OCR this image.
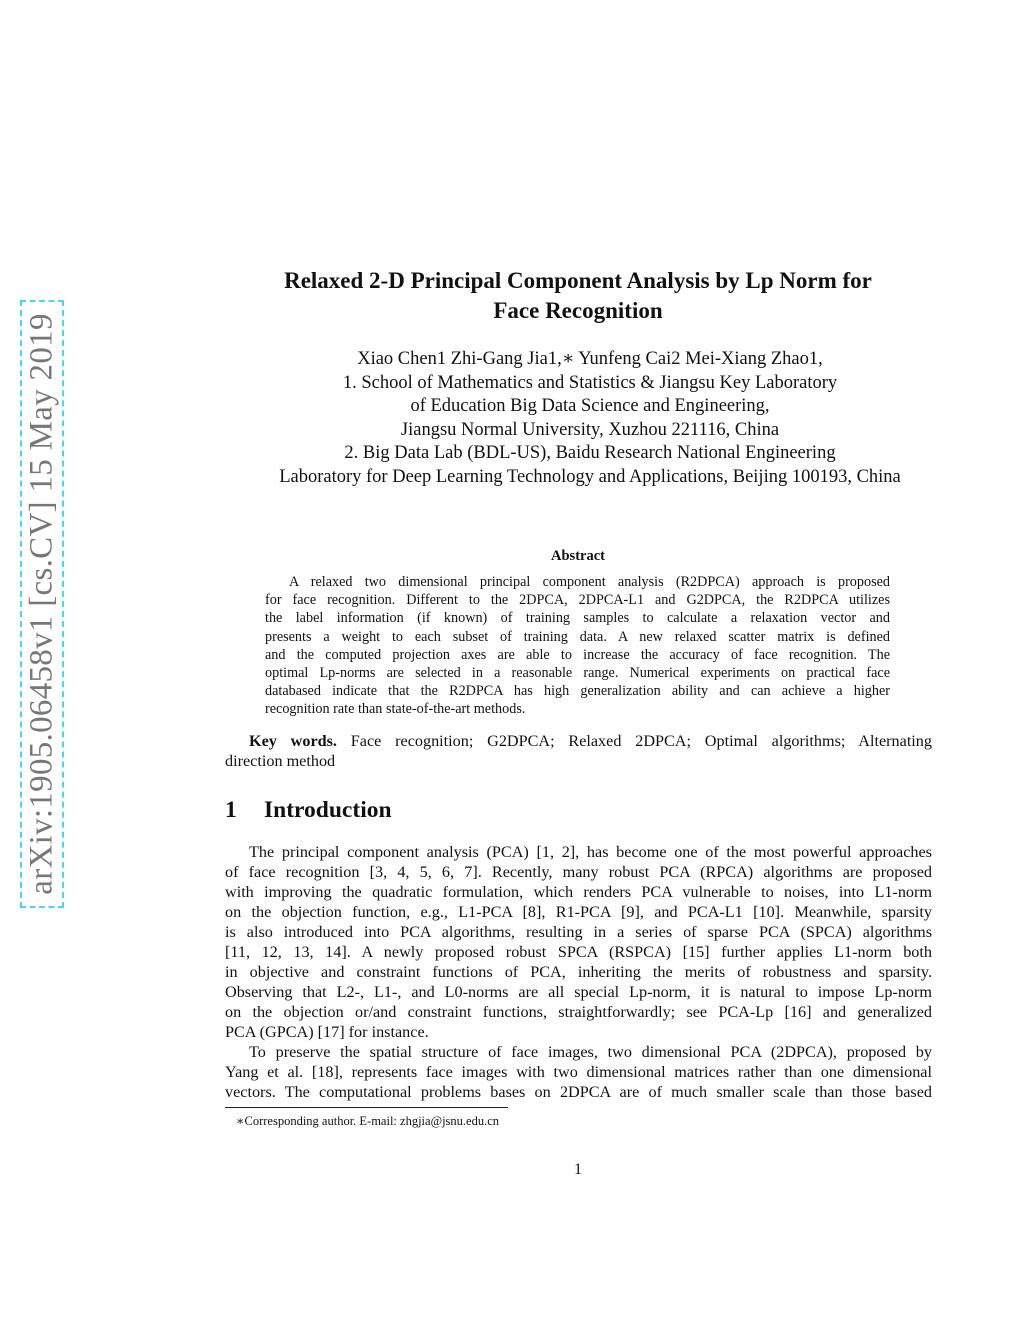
arXiv:1905.06458v1 [cs.CV] 15 May 2019
Relaxed 2-D Principal Component Analysis by Lp Norm for
Face Recognition
Xiao Chen1 Zhi-Gang Jia1,∗ Yunfeng Cai2 Mei-Xiang Zhao1,
1. School of Mathematics and Statistics & Jiangsu Key Laboratory
of Education Big Data Science and Engineering,
Jiangsu Normal University, Xuzhou 221116, China
2. Big Data Lab (BDL-US), Baidu Research National Engineering
Laboratory for Deep Learning Technology and Applications, Beijing 100193, China
Abstract
A relaxed two dimensional principal component analysis (R2DPCA) approach is proposed
for face recognition. Different to the 2DPCA, 2DPCA-L1 and G2DPCA, the R2DPCA utilizes
the label information (if known) of training samples to calculate a relaxation vector and
presents a weight to each subset of training data. A new relaxed scatter matrix is defined
and the computed projection axes are able to increase the accuracy of face recognition. The
optimal Lp-norms are selected in a reasonable range. Numerical experiments on practical face
databased indicate that the R2DPCA has high generalization ability and can achieve a higher
recognition rate than state-of-the-art methods.
Key words. Face recognition; G2DPCA; Relaxed 2DPCA; Optimal algorithms; Alternating
direction method
1 Introduction
The principal component analysis (PCA) [1, 2], has become one of the most powerful approaches
of face recognition [3, 4, 5, 6, 7]. Recently, many robust PCA (RPCA) algorithms are proposed
with improving the quadratic formulation, which renders PCA vulnerable to noises, into L1-norm
on the objection function, e.g., L1-PCA [8], R1-PCA [9], and PCA-L1 [10]. Meanwhile, sparsity
is also introduced into PCA algorithms, resulting in a series of sparse PCA (SPCA) algorithms
[11, 12, 13, 14]. A newly proposed robust SPCA (RSPCA) [15] further applies L1-norm both
in objective and constraint functions of PCA, inheriting the merits of robustness and sparsity.
Observing that L2-, L1-, and L0-norms are all special Lp-norm, it is natural to impose Lp-norm
on the objection or/and constraint functions, straightforwardly; see PCA-Lp [16] and generalized
PCA (GPCA) [17] for instance.
To preserve the spatial structure of face images, two dimensional PCA (2DPCA), proposed by
Yang et al. [18], represents face images with two dimensional matrices rather than one dimensional
vectors. The computational problems bases on 2DPCA are of much smaller scale than those based
∗Corresponding author. E-mail: zhgjia@jsnu.edu.cn
1
